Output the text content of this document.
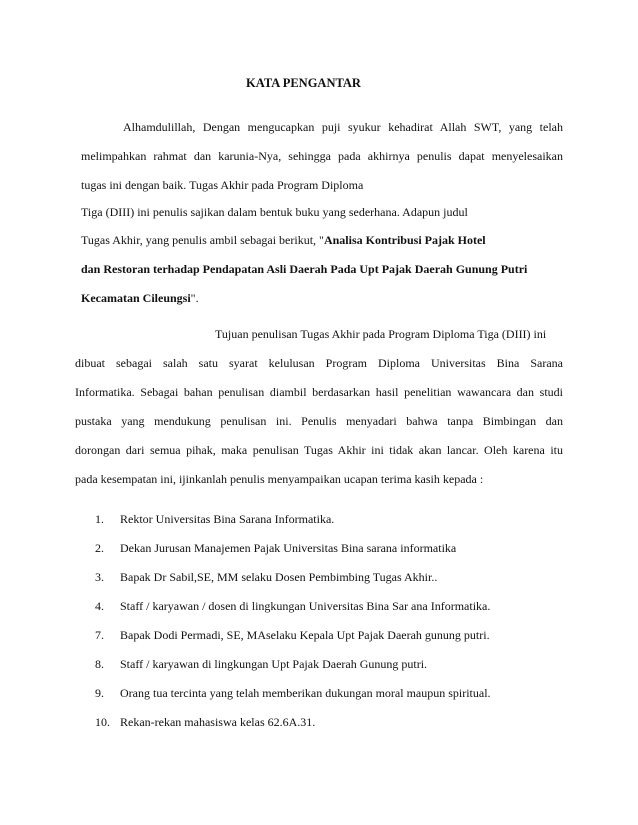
KATA PENGANTAR
Alhamdulillah, Dengan mengucapkan puji syukur kehadirat Allah SWT, yang telah
melimpahkan rahmat dan karunia-Nya, sehingga pada akhirnya penulis dapat menyelesaikan
tugas ini dengan baik. Tugas Akhir pada Program Diploma
Tiga (DIII) ini penulis sajikan dalam bentuk buku yang sederhana. Adapun judul
Tugas Akhir, yang penulis ambil sebagai berikut, "Analisa Kontribusi Pajak Hotel
dan Restoran terhadap Pendapatan Asli Daerah Pada Upt Pajak Daerah Gunung Putri
Kecamatan Cileungsi".
Tujuan penulisan Tugas Akhir pada Program Diploma Tiga (DIII) ini
dibuat sebagai salah satu syarat kelulusan Program Diploma Universitas Bina Sarana
Informatika. Sebagai bahan penulisan diambil berdasarkan hasil penelitian wawancara dan studi
pustaka yang mendukung penulisan ini. Penulis menyadari bahwa tanpa Bimbingan dan
dorongan dari semua pihak, maka penulisan Tugas Akhir ini tidak akan lancar. Oleh karena itu
pada kesempatan ini, ijinkanlah penulis menyampaikan ucapan terima kasih kepada :
1. Rektor Universitas Bina Sarana Informatika.
2. Dekan Jurusan Manajemen Pajak Universitas Bina sarana informatika
3. Bapak Dr Sabil,SE, MM selaku Dosen Pembimbing Tugas Akhir..
4. Staff / karyawan / dosen di lingkungan Universitas Bina Sar ana Informatika.
7. Bapak Dodi Permadi, SE, MAselaku Kepala Upt Pajak Daerah gunung putri.
8. Staff / karyawan di lingkungan Upt Pajak Daerah Gunung putri.
9. Orang tua tercinta yang telah memberikan dukungan moral maupun spiritual.
10. Rekan-rekan mahasiswa kelas 62.6A.31.
